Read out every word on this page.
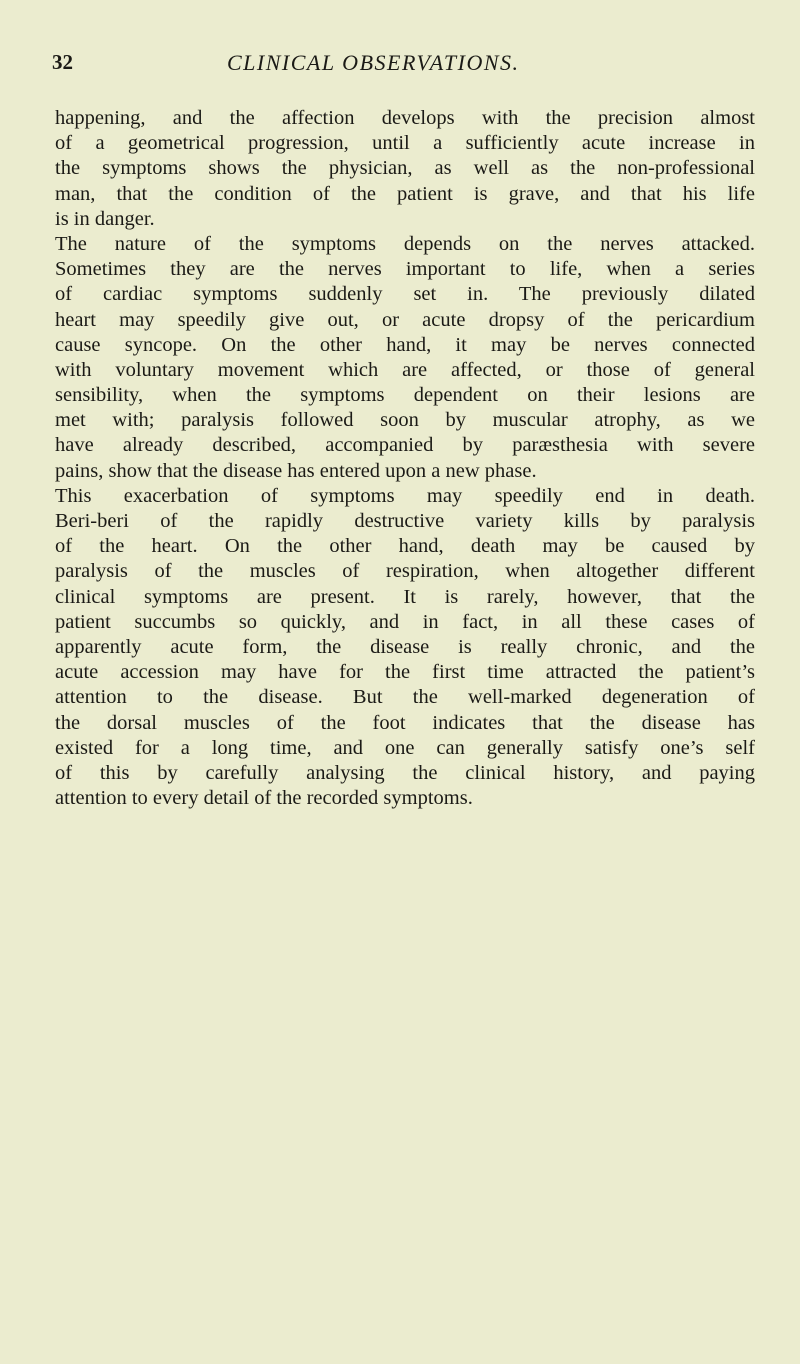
32	CLINICAL OBSERVATIONS.
happening, and the affection develops with the precision almost
of a geometrical progression, until a sufficiently acute increase in
the symptoms shows the physician, as well as the non-professional
man, that the condition of the patient is grave, and that his life
is in danger.
The nature of the symptoms depends on the nerves attacked.
Sometimes they are the nerves important to life, when a series
of cardiac symptoms suddenly set in. The previously dilated
heart may speedily give out, or acute dropsy of the pericardium
cause syncope. On the other hand, it may be nerves connected
with voluntary movement which are affected, or those of general
sensibility, when the symptoms dependent on their lesions are
met with; paralysis followed soon by muscular atrophy, as we
have already described, accompanied by paræsthesia with severe
pains, show that the disease has entered upon a new phase.
This exacerbation of symptoms may speedily end in death.
Beri-beri of the rapidly destructive variety kills by paralysis
of the heart. On the other hand, death may be caused by
paralysis of the muscles of respiration, when altogether different
clinical symptoms are present. It is rarely, however, that the
patient succumbs so quickly, and in fact, in all these cases of
apparently acute form, the disease is really chronic, and the
acute accession may have for the first time attracted the patient’s
attention to the disease. But the well-marked degeneration of
the dorsal muscles of the foot indicates that the disease has
existed for a long time, and one can generally satisfy one’s self
of this by carefully analysing the clinical history, and paying
attention to every detail of the recorded symptoms.
